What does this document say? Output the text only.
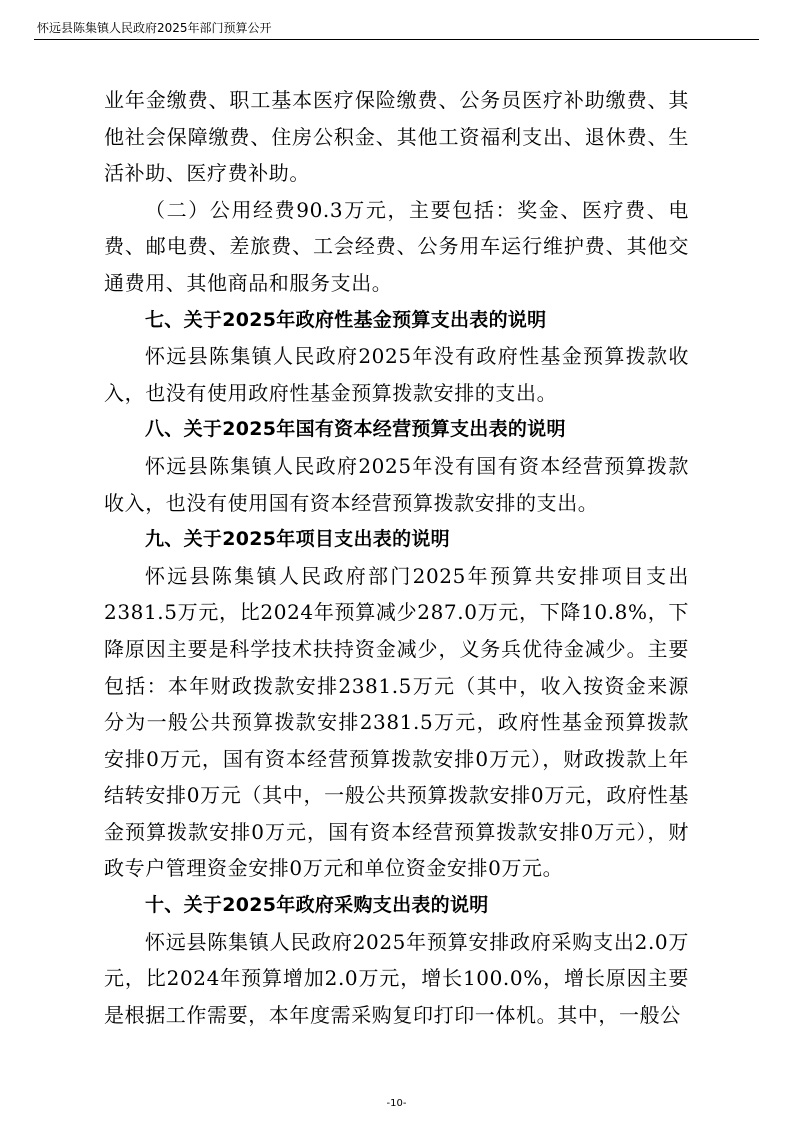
怀远县陈集镇人民政府2025年部门预算公开

业年金缴费、职工基本医疗保险缴费、公务员医疗补助缴费、其他社会保障缴费、住房公积金、其他工资福利支出、退休费、生活补助、医疗费补助。

（二）公用经费90.3万元，主要包括：奖金、医疗费、电费、邮电费、差旅费、工会经费、公务用车运行维护费、其他交通费用、其他商品和服务支出。

七、关于2025年政府性基金预算支出表的说明

怀远县陈集镇人民政府2025年没有政府性基金预算拨款收入，也没有使用政府性基金预算拨款安排的支出。

八、关于2025年国有资本经营预算支出表的说明

怀远县陈集镇人民政府2025年没有国有资本经营预算拨款收入，也没有使用国有资本经营预算拨款安排的支出。

九、关于2025年项目支出表的说明

怀远县陈集镇人民政府部门2025年预算共安排项目支出2381.5万元，比2024年预算减少287.0万元，下降10.8%，下降原因主要是科学技术扶持资金减少，义务兵优待金减少。主要包括：本年财政拨款安排2381.5万元（其中，收入按资金来源分为一般公共预算拨款安排2381.5万元，政府性基金预算拨款安排0万元，国有资本经营预算拨款安排0万元），财政拨款上年结转安排0万元（其中，一般公共预算拨款安排0万元，政府性基金预算拨款安排0万元，国有资本经营预算拨款安排0万元），财政专户管理资金安排0万元和单位资金安排0万元。

十、关于2025年政府采购支出表的说明

怀远县陈集镇人民政府2025年预算安排政府采购支出2.0万元，比2024年预算增加2.0万元，增长100.0%，增长原因主要是根据工作需要，本年度需采购复印打印一体机。其中，一般公

-10-
